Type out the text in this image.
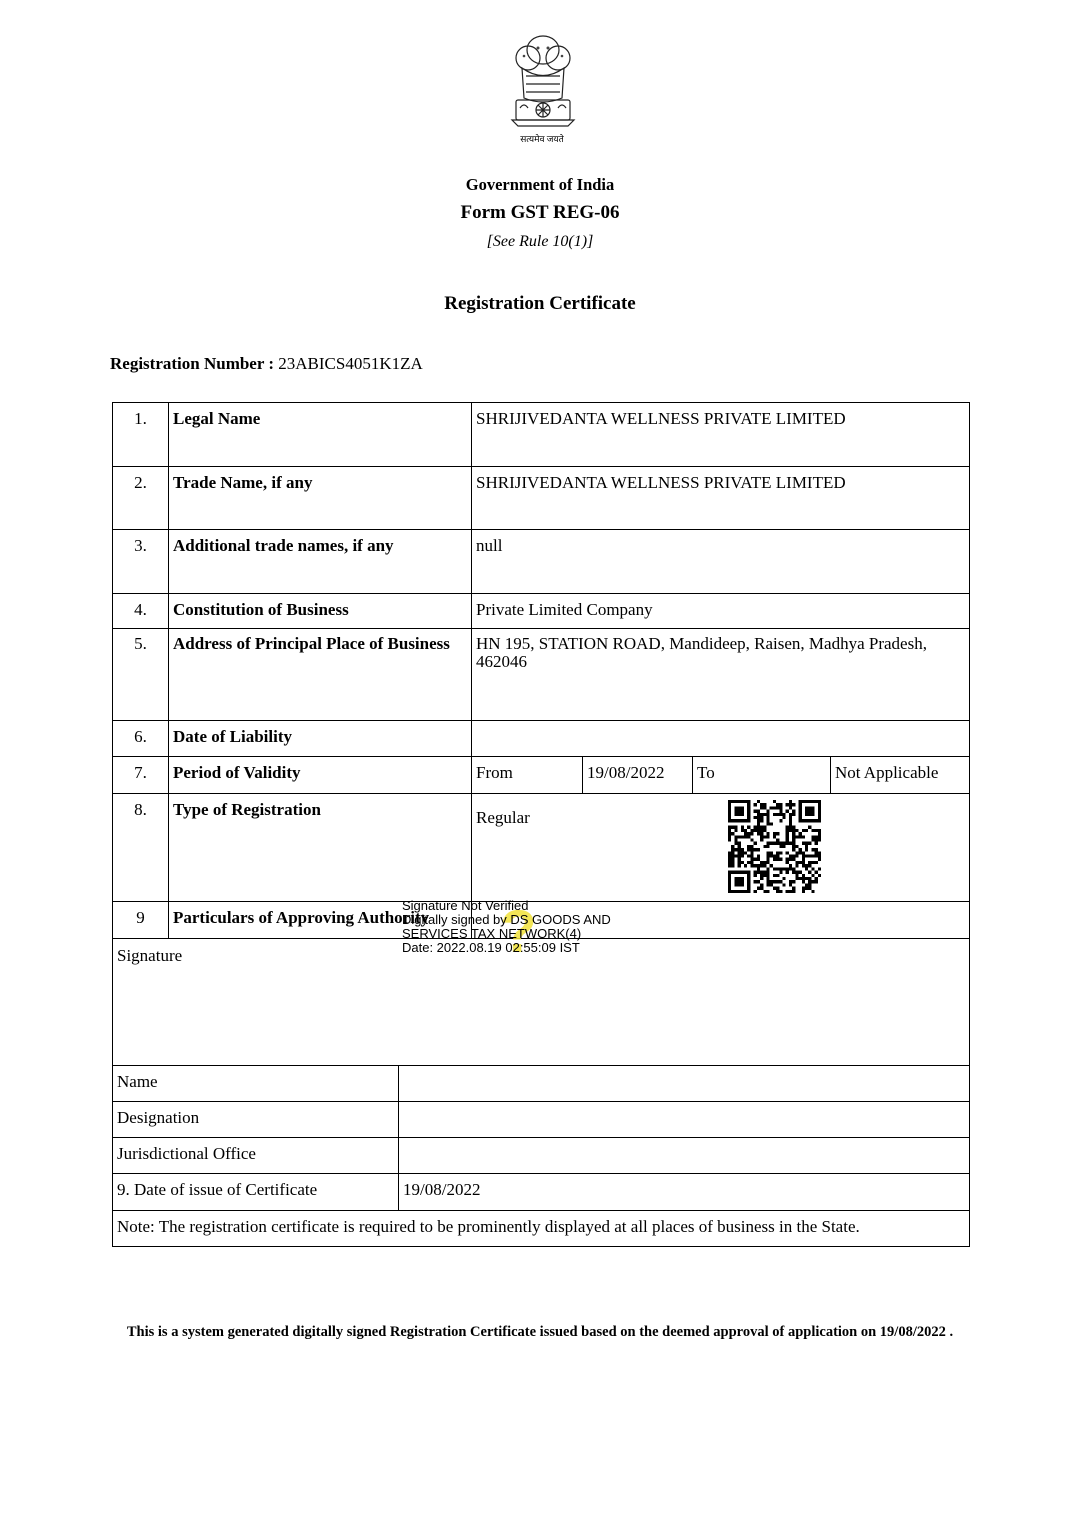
सत्यमेव जयते
Government of India
Form GST REG-06
[See Rule 10(1)]
Registration Certificate
Registration Number : 23ABICS4051K1ZA
1.	Legal Name		SHRIJIVEDANTA WELLNESS PRIVATE LIMITED			
2.	Trade Name, if any		SHRIJIVEDANTA WELLNESS PRIVATE LIMITED			
3.	Additional trade names, if any		null			
4.	Constitution of Business		Private Limited Company			
5.	Address of Principal Place of Business		HN 195, STATION ROAD, Mandideep, Raisen, Madhya Pradesh, 462046			
6.	Date of Liability					
7.	Period of Validity		From	19/08/2022	To	Not Applicable
8.	Type of Registration		Regular			
9	Particulars of Approving Authority					
Signature						
Name						
Designation						
Jurisdictional Office						
9. Date of issue of Certificate		19/08/2022				
Note: The registration certificate is required to be prominently displayed at all places of business in the State.						
?
Signature Not Verified
Digitally signed by DS GOODS AND
SERVICES TAX NETWORK(4)
Date: 2022.08.19 02:55:09 IST
This is a system generated digitally signed Registration Certificate issued based on the deemed approval of application on 19/08/2022 .
